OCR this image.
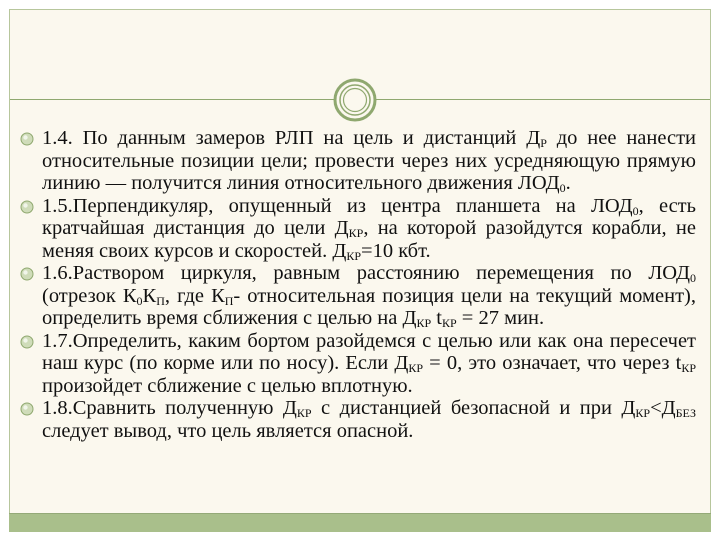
1.4. По данным замеров РЛП на цель и дистанций $Д_Р$ до нее нанести относительные позиции цели; провести через них усредняющую прямую линию — получится линия относительного движения $ЛОД_0$.
1.5.Перпендикуляр, опущенный из центра планшета на $ЛОД_0$, есть кратчайшая дистанция до цели $Д_{КР}$, на которой разойдутся корабли, не меняя своих курсов и скоростей. $Д_{КР}=10$ кбт.
1.6.Раствором циркуля, равным расстоянию перемещения по $ЛОД_0$ (отрезок $К_0К_П$, где $К_П-$ относительная позиция цели на текущий момент), определить время сближения с целью на $Д_{КР}$ $t_{КР} = 27$ мин.
1.7.Определить, каким бортом разойдемся с целью или как она пересечет наш курс (по корме или по носу). Если $Д_{КР} = 0$, это означает, что через $t_{КР}$ произойдет сближение с целью вплотную.
1.8.Сравнить полученную $Д_{КР}$ с дистанцией безопасной и при $Д_{КР}<Д_{БЕЗ}$ следует вывод, что цель является опасной.
